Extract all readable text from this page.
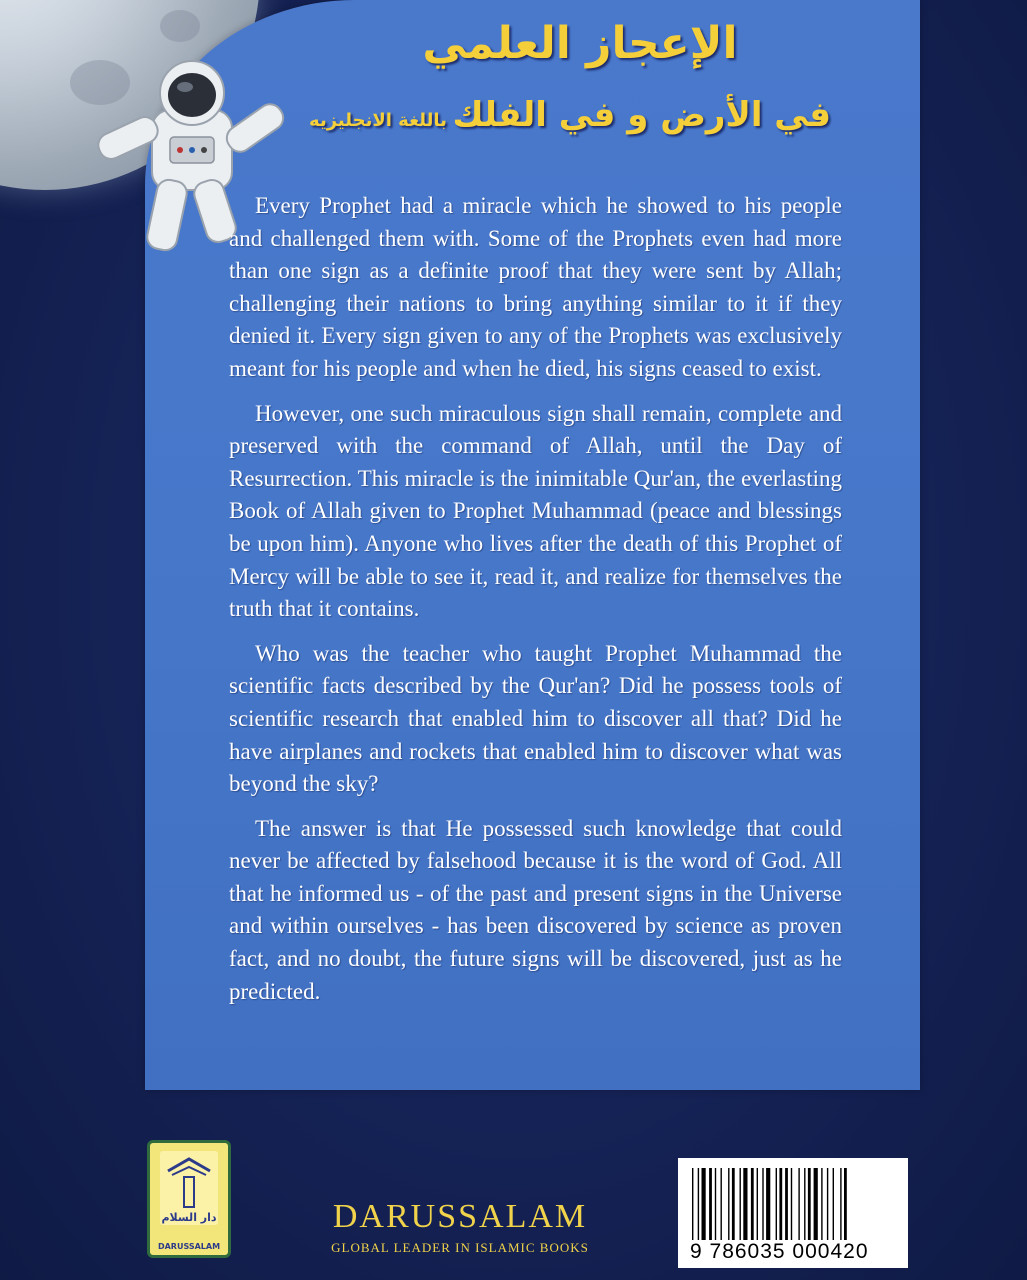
الإعجاز العلمي
في الأرض و في الفلك باللغة الانجليزيه

Every Prophet had a miracle which he showed to his people and challenged them with. Some of the Prophets even had more than one sign as a definite proof that they were sent by Allah; challenging their nations to bring anything similar to it if they denied it. Every sign given to any of the Prophets was exclusively meant for his people and when he died, his signs ceased to exist.

However, one such miraculous sign shall remain, complete and preserved with the command of Allah, until the Day of Resurrection. This miracle is the inimitable Qur'an, the everlasting Book of Allah given to Prophet Muhammad (peace and blessings be upon him). Anyone who lives after the death of this Prophet of Mercy will be able to see it, read it, and realize for themselves the truth that it contains.

Who was the teacher who taught Prophet Muhammad the scientific facts described by the Qur'an? Did he possess tools of scientific research that enabled him to discover all that? Did he have airplanes and rockets that enabled him to discover what was beyond the sky?

The answer is that He possessed such knowledge that could never be affected by falsehood because it is the word of God. All that he informed us - of the past and present signs in the Universe and within ourselves - has been discovered by science as proven fact, and no doubt, the future signs will be discovered, just as he predicted.

دار السلام
DARUSSALAM
DARUSSALAM
GLOBAL LEADER IN ISLAMIC BOOKS	9 786035 000420
